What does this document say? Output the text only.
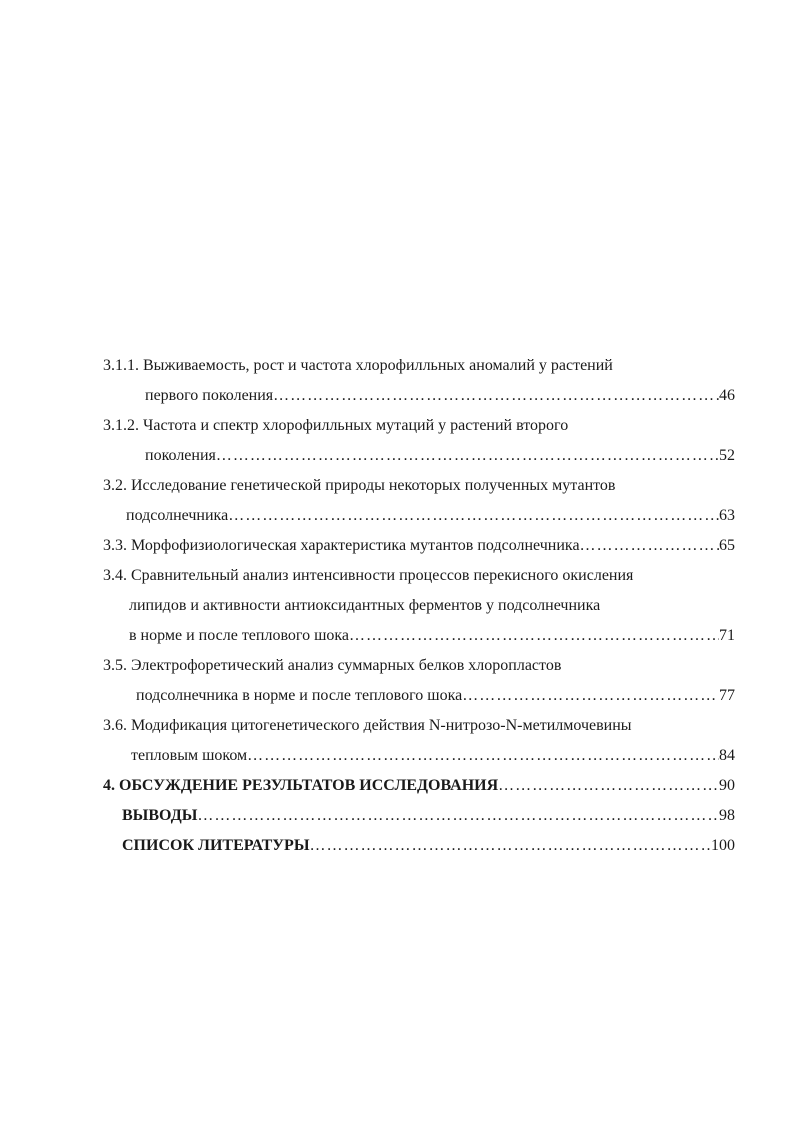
3.1.1. Выживаемость, рост и частота хлорофилльных аномалий у растений
первого поколения …………………………………………………………………………………………………………………………………………………………	46
3.1.2. Частота и спектр хлорофилльных мутаций у растений второго
поколения …………………………………………………………………………………………………………………………………………………………	52
3.2. Исследование генетической природы некоторых полученных мутантов
подсолнечника …………………………………………………………………………………………………………………………………………………………	63
3.3. Морфофизиологическая характеристика мутантов подсолнечника …………………………………………………………………………………………………………………………………………………………	65
3.4. Сравнительный анализ интенсивности процессов перекисного окисления
липидов и активности антиоксидантных ферментов у подсолнечника
в норме и после теплового шока …………………………………………………………………………………………………………………………………………………………	71
3.5. Электрофоретический анализ суммарных белков хлоропластов
подсолнечника в норме и после теплового шока …………………………………………………………………………………………………………………………………………………………	77
3.6. Модификация цитогенетического действия N-нитрозо-N-метилмочевины
тепловым шоком …………………………………………………………………………………………………………………………………………………………	84
4. ОБСУЖДЕНИЕ РЕЗУЛЬТАТОВ ИССЛЕДОВАНИЯ …………………………………………………………………………………………………………………………………………………………	90
ВЫВОДЫ …………………………………………………………………………………………………………………………………………………………	98
СПИСОК ЛИТЕРАТУРЫ …………………………………………………………………………………………………………………………………………………………	100
